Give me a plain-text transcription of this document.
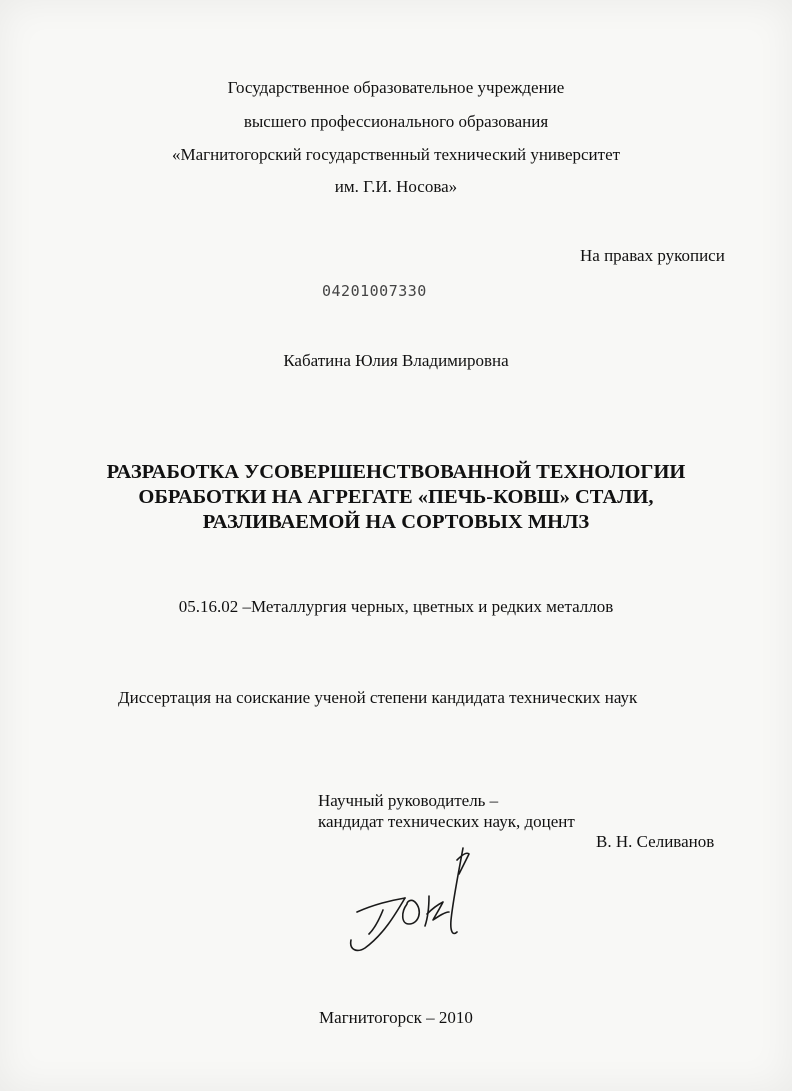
Государственное образовательное учреждение
высшего профессионального образования
«Магнитогорский государственный технический университет
им. Г.И. Носова»
На правах рукописи
04201007330
Кабатина Юлия Владимировна
РАЗРАБОТКА УСОВЕРШЕНСТВОВАННОЙ ТЕХНОЛОГИИ
ОБРАБОТКИ НА АГРЕГАТЕ «ПЕЧЬ-КОВШ» СТАЛИ,
РАЗЛИВАЕМОЙ НА СОРТОВЫХ МНЛЗ
05.16.02 –Металлургия черных, цветных и редких металлов
Диссертация на соискание ученой степени кандидата технических наук
Научный руководитель –
кандидат технических наук, доцент
В. Н. Селиванов
Магнитогорск – 2010
